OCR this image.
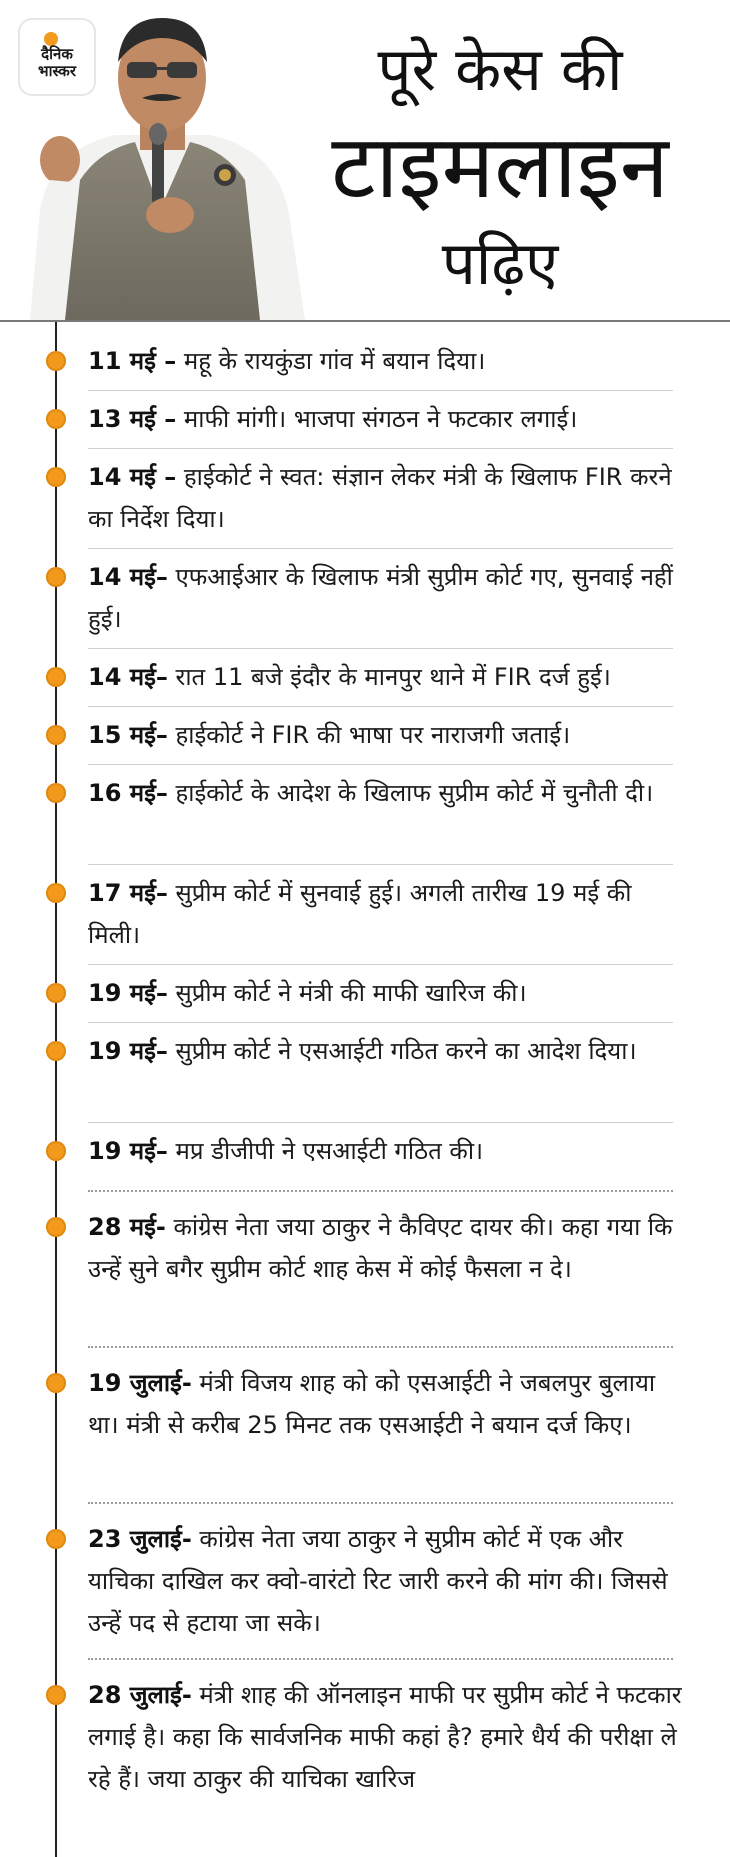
दैनिक
भास्कर	पूरे केस की
टाइमलाइन
पढ़िए
11 मई – महू के रायकुंडा गांव में बयान दिया।
13 मई – माफी मांगी। भाजपा संगठन ने फटकार लगाई।
14 मई – हाईकोर्ट ने स्वत: संज्ञान लेकर मंत्री के खिलाफ FIR करने का निर्देश दिया।
14 मई– एफआईआर के खिलाफ मंत्री सुप्रीम कोर्ट गए, सुनवाई नहीं हुई।
14 मई– रात 11 बजे इंदौर के मानपुर थाने में FIR दर्ज हुई।
15 मई– हाईकोर्ट ने FIR की भाषा पर नाराजगी जताई।
16 मई– हाईकोर्ट के आदेश के खिलाफ सुप्रीम कोर्ट में चुनौती दी।
17 मई– सुप्रीम कोर्ट में सुनवाई हुई। अगली तारीख 19 मई की मिली।
19 मई– सुप्रीम कोर्ट ने मंत्री की माफी खारिज की।
19 मई– सुप्रीम कोर्ट ने एसआईटी गठित करने का आदेश दिया।
19 मई– मप्र डीजीपी ने एसआईटी गठित की।
28 मई- कांग्रेस नेता जया ठाकुर ने कैविएट दायर की। कहा गया कि उन्हें सुने बगैर सुप्रीम कोर्ट शाह केस में कोई फैसला न दे।
19 जुलाई- मंत्री विजय शाह को को एसआईटी ने जबलपुर बुलाया था। मंत्री से करीब 25 मिनट तक एसआईटी ने बयान दर्ज किए।
23 जुलाई- कांग्रेस नेता जया ठाकुर ने सुप्रीम कोर्ट में एक और याचिका दाखिल कर क्वो-वारंटो रिट जारी करने की मांग की। जिससे उन्हें पद से हटाया जा सके।
28 जुलाई- मंत्री शाह की ऑनलाइन माफी पर सुप्रीम कोर्ट ने फटकार लगाई है। कहा कि सार्वजनिक माफी कहां है? हमारे धैर्य की परीक्षा ले रहे हैं। जया ठाकुर की याचिका खारिज
